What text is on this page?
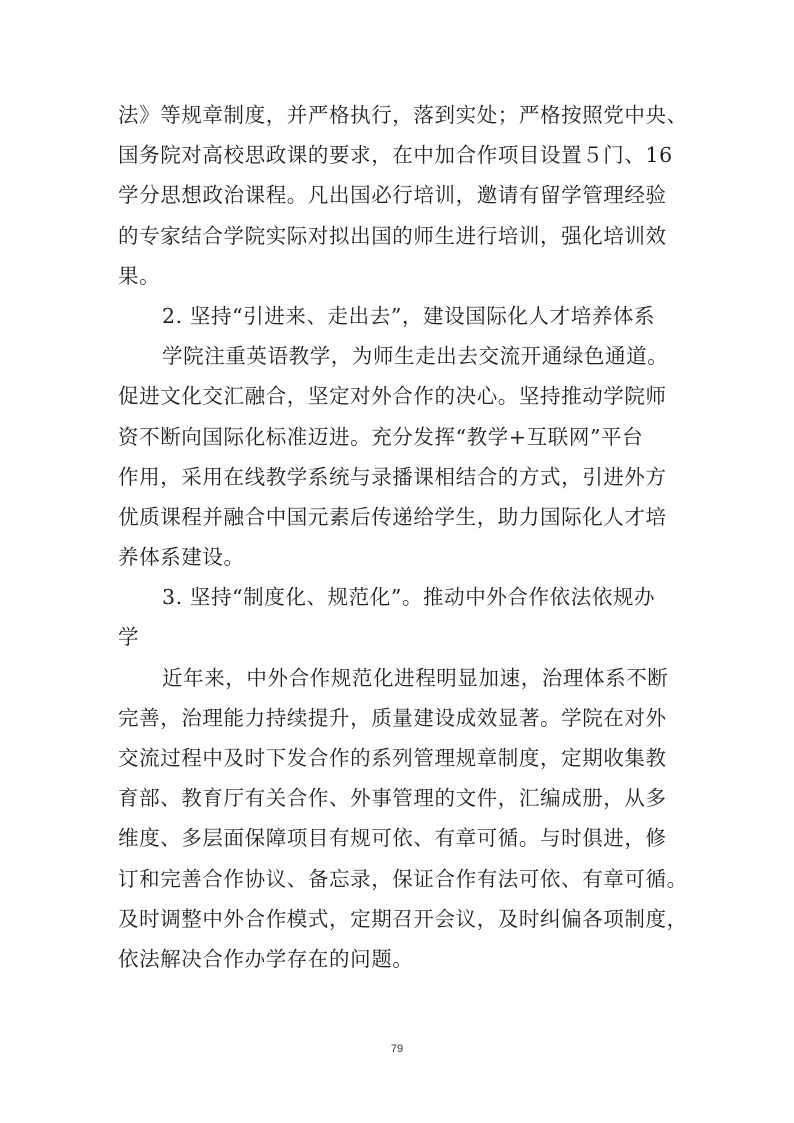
法》等规章制度，并严格执行，落到实处；严格按照党中央、
国务院对高校思政课的要求，在中加合作项目设置５门、16
学分思想政治课程。凡出国必行培训，邀请有留学管理经验
的专家结合学院实际对拟出国的师生进行培训，强化培训效
果。
2. 坚持“引进来、走出去”，建设国际化人才培养体系
学院注重英语教学，为师生走出去交流开通绿色通道。
促进文化交汇融合，坚定对外合作的决心。坚持推动学院师
资不断向国际化标准迈进。充分发挥“教学+互联网”平台
作用，采用在线教学系统与录播课相结合的方式，引进外方
优质课程并融合中国元素后传递给学生，助力国际化人才培
养体系建设。
3. 坚持“制度化、规范化”。推动中外合作依法依规办
学
近年来，中外合作规范化进程明显加速，治理体系不断
完善，治理能力持续提升，质量建设成效显著。学院在对外
交流过程中及时下发合作的系列管理规章制度，定期收集教
育部、教育厅有关合作、外事管理的文件，汇编成册，从多
维度、多层面保障项目有规可依、有章可循。与时俱进，修
订和完善合作协议、备忘录，保证合作有法可依、有章可循。
及时调整中外合作模式，定期召开会议，及时纠偏各项制度，
依法解决合作办学存在的问题。
79
